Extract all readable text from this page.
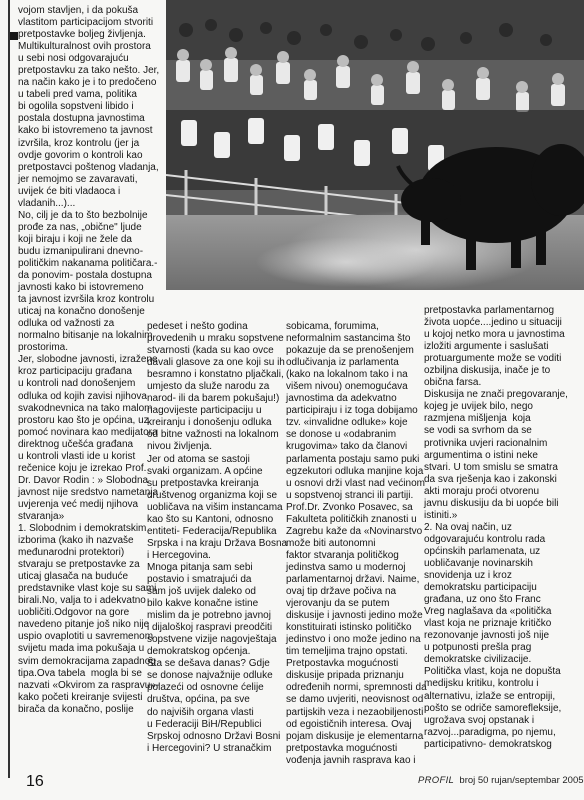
vojom stavljen, i da pokuša

vlastitom participacijom stvoriti

pretpostavke boljeg življenja.

Multikulturalnost ovih prostora

u sebi nosi odgovarajuću

pretpostavku za tako nešto. Jer,

na način kako je i to predočeno

u tabeli pred vama, politika

bi ogolila sopstveni libido i

postala dostupna javnostima

kako bi istovremeno ta javnost

izvršila, kroz kontrolu (jer ja

ovdje govorim o kontroli kao

pretpostavci poštenog vladanja,

jer nemojmo se zavaravati,

uvijek će biti vladaoca i

vladanih...)...

No, cilj je da to što bezbolnije

prođe za nas, „obične" ljude

koji biraju i koji ne žele da

budu izmanipulirani dnevno-

političkim nakanama političara.-

da ponovim- postala dostupna

javnosti kako bi istovremeno

ta javnost izvršila kroz kontrolu

uticaj na konačno donošenje

odluka od važnosti za

normalno bitisanje na lokalnim

prostorima.

Jer, slobodne javnosti, izražene

kroz participaciju građana

u kontroli nad donošenjem

odluka od kojih zavisi njihova

svakodnevnica na tako malom

prostoru kao što je općina, uz

pomoć novinara kao medijatora

direktnog učešća građana

u kontroli vlasti ide u korist

rečenice koju je izrekao Prof.

Dr. Davor Rodin : » Slobodna

javnost nije sredstvo nametanja

uvjerenja već medij njihova

stvaranja»

1. Slobodnim i demokratskim

izborima (kako ih nazvaše

međunarodni protektori)

stvaraju se pretpostavke za

uticaj glasača na buduće

predstavnike vlast koje su sami

birali.No, valja to i adekvatno

uobličiti.Odgovor na gore

navedeno pitanje još niko nije

uspio ovaplotiti u savremenom

svijetu mada ima pokušaja u

svim demokracijama zapadnog

tipa.Ova tabela  mogla bi se

nazvati «Okvirom za raspravu»-

kako početi kreiranje svijesti

birača da konačno, poslije

pedeset i nešto godina

provedenih u mraku sopstvene

stvarnosti (kada su kao ovce

davali glasove za one koji su ih

besramno i konstatno pljačkali,

umjesto da služe narodu za

narod- ili da barem pokušaju!)

nagovijeste participaciju u

kreiranju i donošenju odluka

od bitne važnosti na lokalnom

nivou življenja.

Jer od atoma se sastoji

svaki organizam. A općine

su pretpostavka kreiranja

društvenog organizma koji se

uobličava na višim instancama

kao što su Kantoni, odnosno

entiteti- Federacija/Republika

Srpska i na kraju Država Bosna

i Hercegovina.

Mnoga pitanja sam sebi

postavio i smatrajući da

sam još uvijek daleko od

bilo kakve konačne istine

mislim da je potrebno javnoj

i dijaloškoj raspravi preodčiti

sopstvene vizije nagovještaja

demokratskog općenja.

Šta se dešava danas? Gdje

se donose najvažnije odluke

polazeći od osnovne ćelije

društva, općina, pa sve

do najviših organa vlasti

u Federaciji BiH/Republici

Srpskoj odnosno Državi Bosni

i Hercegovini? U stranačkim

sobicama, forumima,

neformalnim sastancima što

pokazuje da se prenošenjem

odlučivanja iz parlamenta

(kako na lokalnom tako i na

višem nivou) onemogućava

javnostima da adekvatno

participiraju i iz toga dobijamo

tzv. «invalidne odluke» koje

se donose u «odabranim

krugovima» tako da članovi

parlamenta postaju samo puki

egzekutori odluka manjine koja

u osnovi drži vlast nad većinom

u sopstvenoj stranci ili partiji.

Prof.Dr. Zvonko Posavec, sa

Fakulteta političkih znanosti u

Zagrebu kaže da «Novinarstvo

može biti autonomni

faktor stvaranja političkog

jedinstva samo u modernoj

parlamentarnoj državi. Naime,

ovaj tip države počiva na

vjerovanju da se putem

diskusije i javnosti jedino može

konstituirati istinsko političko

jedinstvo i ono može jedino na

tim temeljima trajno opstati.

Pretpostavka mogućnosti

diskusije pripada priznanju

određenih normi, spremnosti da

se damo uvjeriti, neovisnost od

partijskih veza i nezaobiljenosti

od egoističnih interesa. Ovaj

pojam diskusije je elementarna

pretpostavka mogućnosti

vođenja javnih rasprava kao i

pretpostavka parlamentarnog

života uopće....jedino u situaciji

u kojoj netko mora u javnostima

izložiti argumente i saslušati

protuargumente može se voditi

ozbiljna diskusija, inače je to

obična farsa.

Diskusija ne znači pregovaranje,

kojeg je uvijek bilo, nego

razmjena mišljenja  koja

se vodi sa svrhom da se

protivnika uvjeri racionalnim

argumentima o istini neke

stvari. U tom smislu se smatra

da sva rješenja kao i zakonski

akti moraju proći otvorenu

javnu diskusiju da bi uopće bili

istiniti.»

2. Na ovaj način, uz

odgovarajuću kontrolu rada

općinskih parlamenata, uz

uobličavanje novinarskih

snovidenja uz i kroz

demokratsku participaciju

građana, uz ono što Franc

Vreg naglašava da «politička

vlast koja ne priznaje kritičko

rezonovanje javnosti još nije

u potpunosti prešla prag

demokratske civilizacije.

Politička vlast, koja ne dopušta

medijsku kritiku, kontrolu i

alternativu, izlaže se entropiji,

pošto se odriče samorefleksije,

ugrožava svoj opstanak i

razvoj...paradigma, po njemu,

participativno- demokratskog

16	PROFIL broj 50 rujan/septembar 2005
